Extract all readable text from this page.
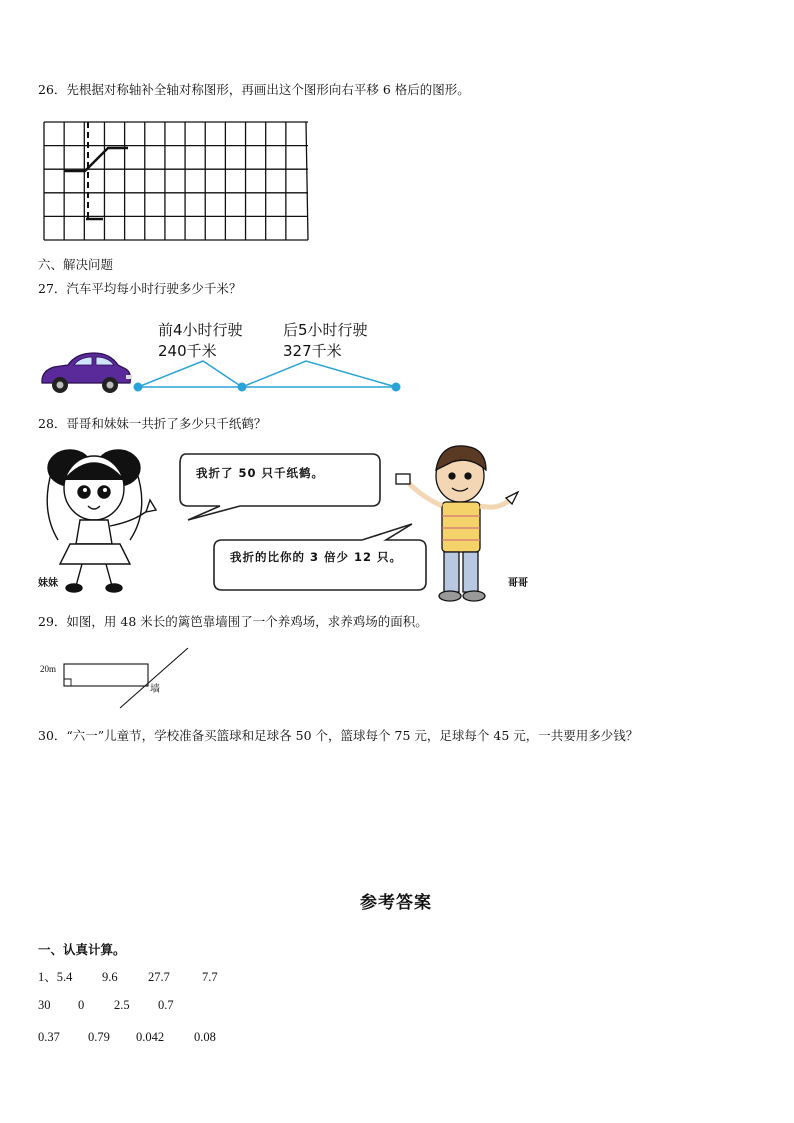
26．先根据对称轴补全轴对称图形，再画出这个图形向右平移 6 格后的图形。
六、解决问题
27．汽车平均每小时行驶多少千米？
前4小时行驶
240千米
后5小时行驶
327千米
28．哥哥和妹妹一共折了多少只千纸鹤？
我折了 50 只千纸鹤。
我折的比你的 3 倍少 12 只。
妹妹	哥哥
29．如图，用 48 米长的篱笆靠墙围了一个养鸡场，求养鸡场的面积。
20m
墙
30．“六一”儿童节，学校准备买篮球和足球各 50 个，篮球每个 75 元，足球每个 45 元，一共要用多少钱？
参考答案
一、认真计算。
1、5.4 9.6 27.7	7.7
30 0 2.5 0.7
0.37 0.79 0.042 0.08
